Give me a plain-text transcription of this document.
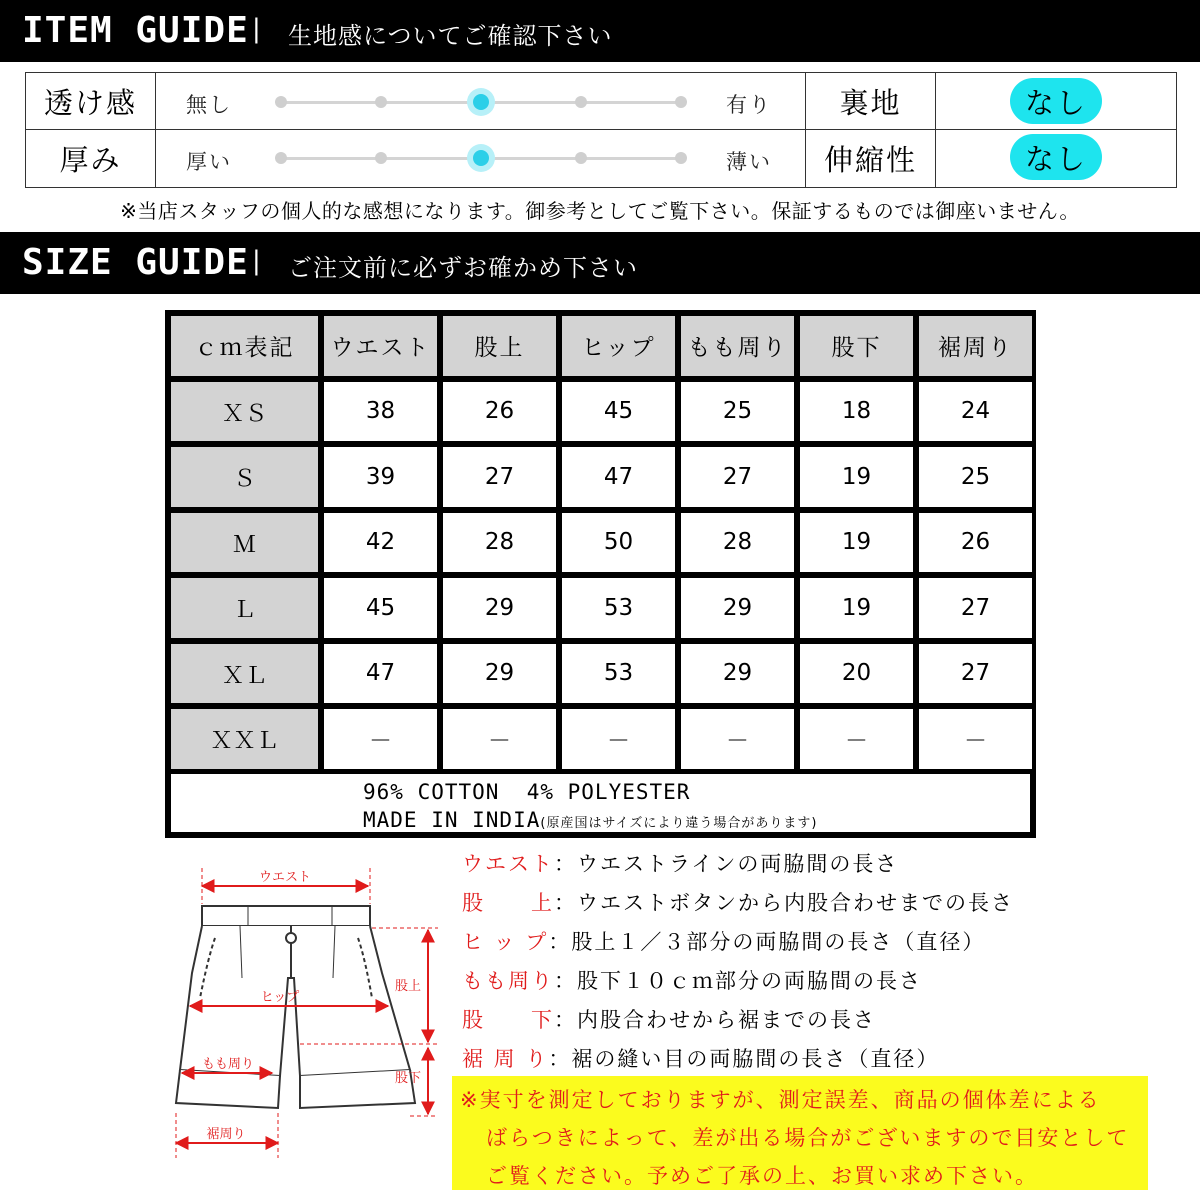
ITEM GUIDE | 生地感についてご確認下さい
透け感	無し	有り	裏地	なし
厚み	厚い	薄い	伸縮性	なし
※当店スタッフの個人的な感想になります。御参考としてご覧下さい。保証するものでは御座いません。
SIZE GUIDE | ご注文前に必ずお確かめ下さい
96% COTTON  4% POLYESTER
MADE IN INDIA(原産国はサイズにより違う場合があります)
ｃｍ表記	ウエスト	股上	ヒップ	もも周り	股下	裾周り
ＸＳ	38	26	45	25	18	24
Ｓ	39	27	47	27	19	25
Ｍ	42	28	50	28	19	26
Ｌ	45	29	53	29	19	27
ＸＬ	47	29	53	29	20	27
ＸＸＬ	－	－	－	－	－	－
ウエスト
ヒップ
もも周り
裾周り
股上
股下
ウエスト：ウエストラインの両脇間の長さ
股　　上：ウエストボタンから内股合わせまでの長さ
ヒ ッ プ：股上１／３部分の両脇間の長さ（直径）
もも周り：股下１０ｃｍ部分の両脇間の長さ
股　　下：内股合わせから裾までの長さ
裾 周 り：裾の縫い目の両脇間の長さ（直径）
※実寸を測定しておりますが、測定誤差、商品の個体差による
ばらつきによって、差が出る場合がございますので目安として
ご覧ください。予めご了承の上、お買い求め下さい。
